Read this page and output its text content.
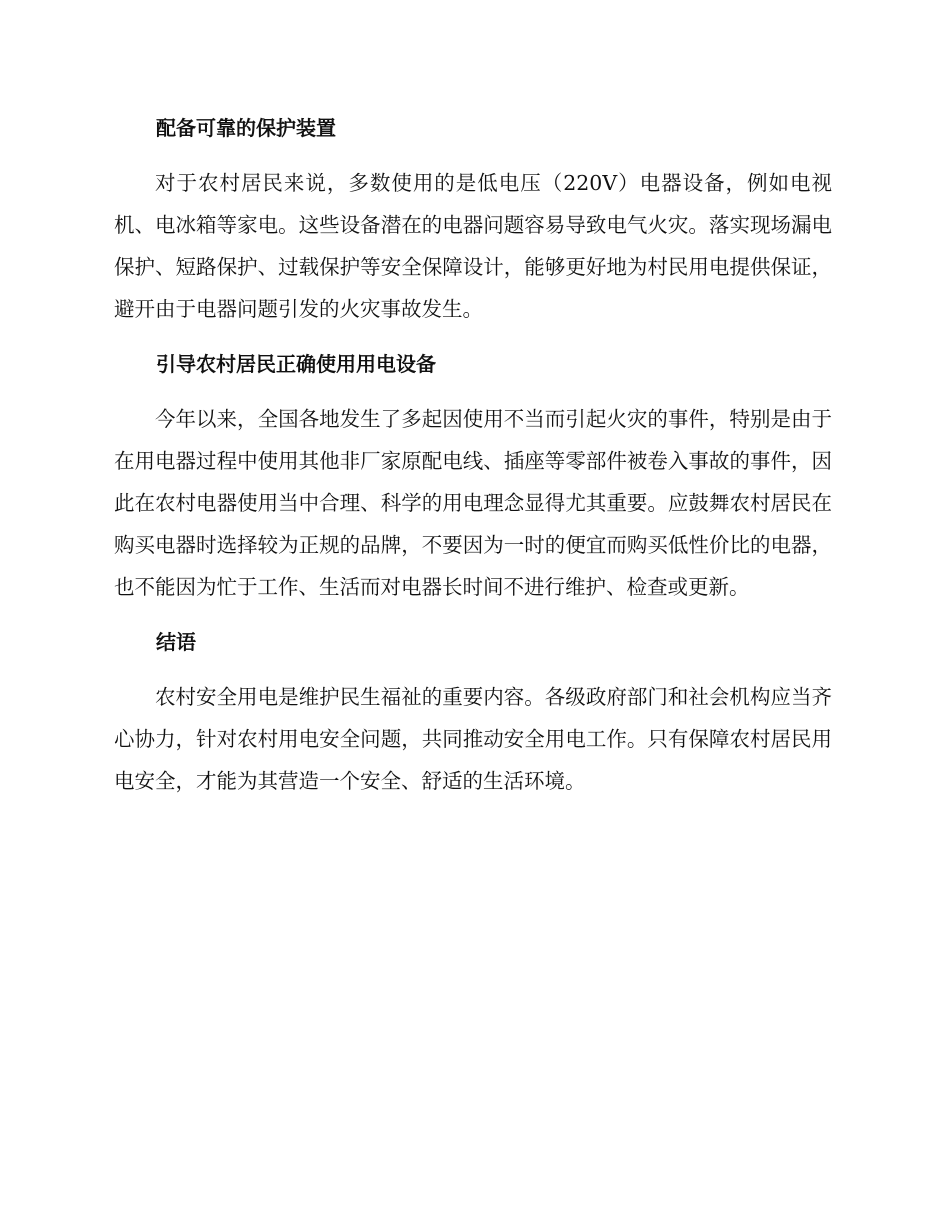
配备可靠的保护装置

对于农村居民来说，多数使用的是低电压（220V）电器设备，例如电视机、电冰箱等家电。这些设备潜在的电器问题容易导致电气火灾。落实现场漏电保护、短路保护、过载保护等安全保障设计，能够更好地为村民用电提供保证，避开由于电器问题引发的火灾事故发生。

引导农村居民正确使用用电设备

今年以来，全国各地发生了多起因使用不当而引起火灾的事件，特别是由于在用电器过程中使用其他非厂家原配电线、插座等零部件被卷入事故的事件，因此在农村电器使用当中合理、科学的用电理念显得尤其重要。应鼓舞农村居民在购买电器时选择较为正规的品牌，不要因为一时的便宜而购买低性价比的电器，也不能因为忙于工作、生活而对电器长时间不进行维护、检查或更新。

结语

农村安全用电是维护民生福祉的重要内容。各级政府部门和社会机构应当齐心协力，针对农村用电安全问题，共同推动安全用电工作。只有保障农村居民用电安全，才能为其营造一个安全、舒适的生活环境。
